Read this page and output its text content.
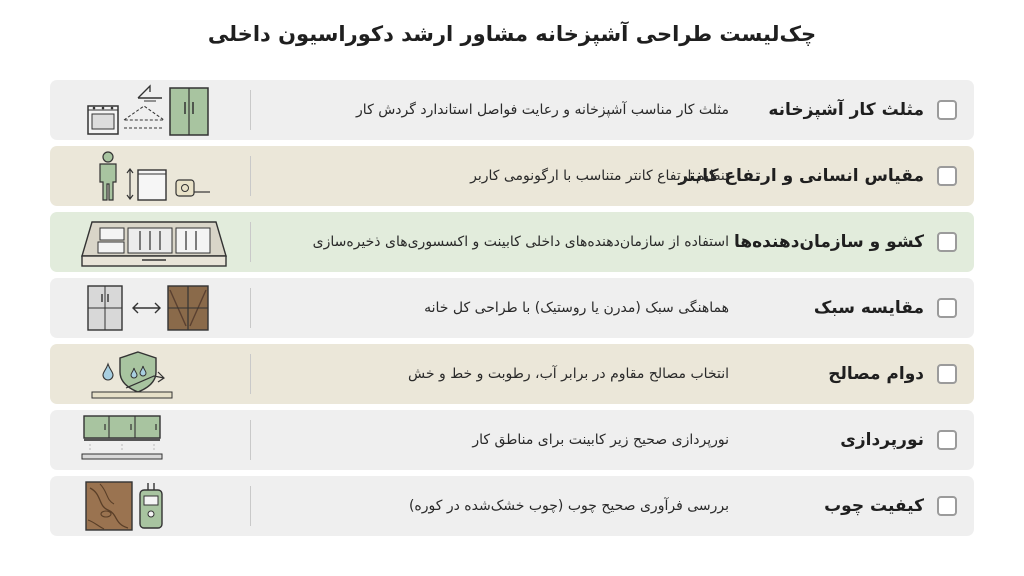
چک‌لیست طراحی آشپزخانه مشاور ارشد دکوراسیون داخلی
مثلث کار آشپزخانه
مثلث کار مناسب آشپزخانه و رعایت فواصل استاندارد گردش کار
مقیاس انسانی و ارتفاع کانتر
تنظیم ارتفاع کانتر متناسب با ارگونومی کاربر
کشو و سازمان‌دهنده‌ها
استفاده از سازمان‌دهنده‌های داخلی کابینت و اکسسوری‌های ذخیره‌سازی
مقایسه سبک
هماهنگی سبک (مدرن یا روستیک) با طراحی کل خانه
دوام مصالح
انتخاب مصالح مقاوم در برابر آب، رطوبت و خط و خش
نورپردازی
نورپردازی صحیح زیر کابینت برای مناطق کار
کیفیت چوب
بررسی فرآوری صحیح چوب (چوب خشک‌شده در کوره)
